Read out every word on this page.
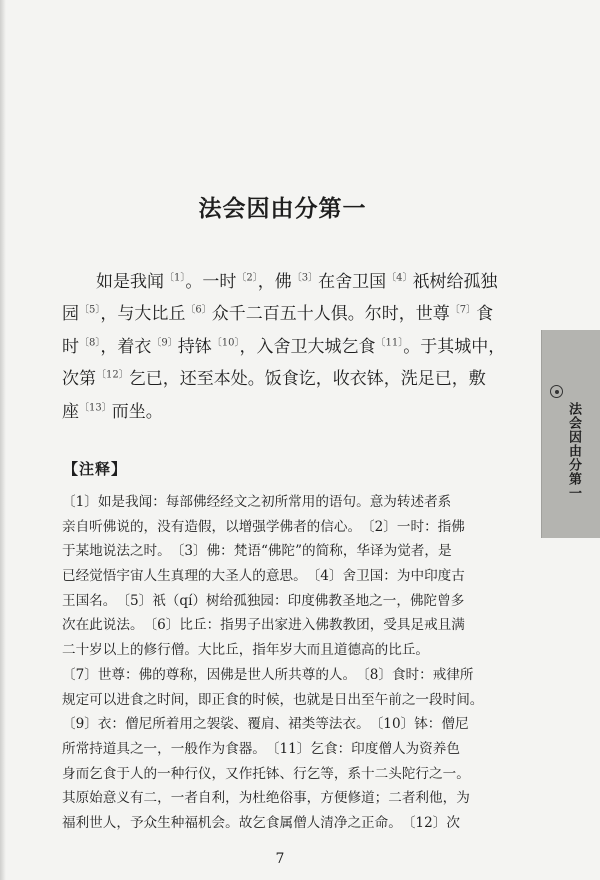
法会因由分第一

如是我闻$^{〔1〕}$。一时$^{〔2〕}$，佛$^{〔3〕}$在舍卫国$^{〔4〕}$祇树给孤独
园$^{〔5〕}$，与大比丘$^{〔6〕}$众千二百五十人俱。尔时，世尊$^{〔7〕}$食
时$^{〔8〕}$，着衣$^{〔9〕}$持钵$^{〔10〕}$，入舍卫大城乞食$^{〔11〕}$。于其城中，
次第$^{〔12〕}$乞已，还至本处。饭食讫，收衣钵，洗足已，敷
座$^{〔13〕}$而坐。

【注释】
〔1〕如是我闻：每部佛经经文之初所常用的语句。意为转述者系
亲自听佛说的，没有造假，以增强学佛者的信心。　〔2〕一时：指佛
于某地说法之时。　〔3〕佛：梵语“佛陀”的简称，华译为觉者，是
已经觉悟宇宙人生真理的大圣人的意思。　〔4〕舍卫国：为中印度古
王国名。　〔5〕祇（qí）树给孤独园：印度佛教圣地之一，佛陀曾多
次在此说法。　〔6〕比丘：指男子出家进入佛教教团，受具足戒且满
二十岁以上的修行僧。大比丘，指年岁大而且道德高的比丘。
〔7〕世尊：佛的尊称，因佛是世人所共尊的人。　〔8〕食时：戒律所
规定可以进食之时间，即正食的时候，也就是日出至午前之一段时间。
〔9〕衣：僧尼所着用之袈裟、覆肩、裙类等法衣。　〔10〕钵：僧尼
所常持道具之一，一般作为食器。　〔11〕乞食：印度僧人为资养色
身而乞食于人的一种行仪，又作托钵、行乞等，系十二头陀行之一。
其原始意义有二，一者自利，为杜绝俗事，方便修道；二者利他，为
福利世人，予众生种福机会。故乞食属僧人清净之正命。　〔12〕次
法会因由分第一

7
